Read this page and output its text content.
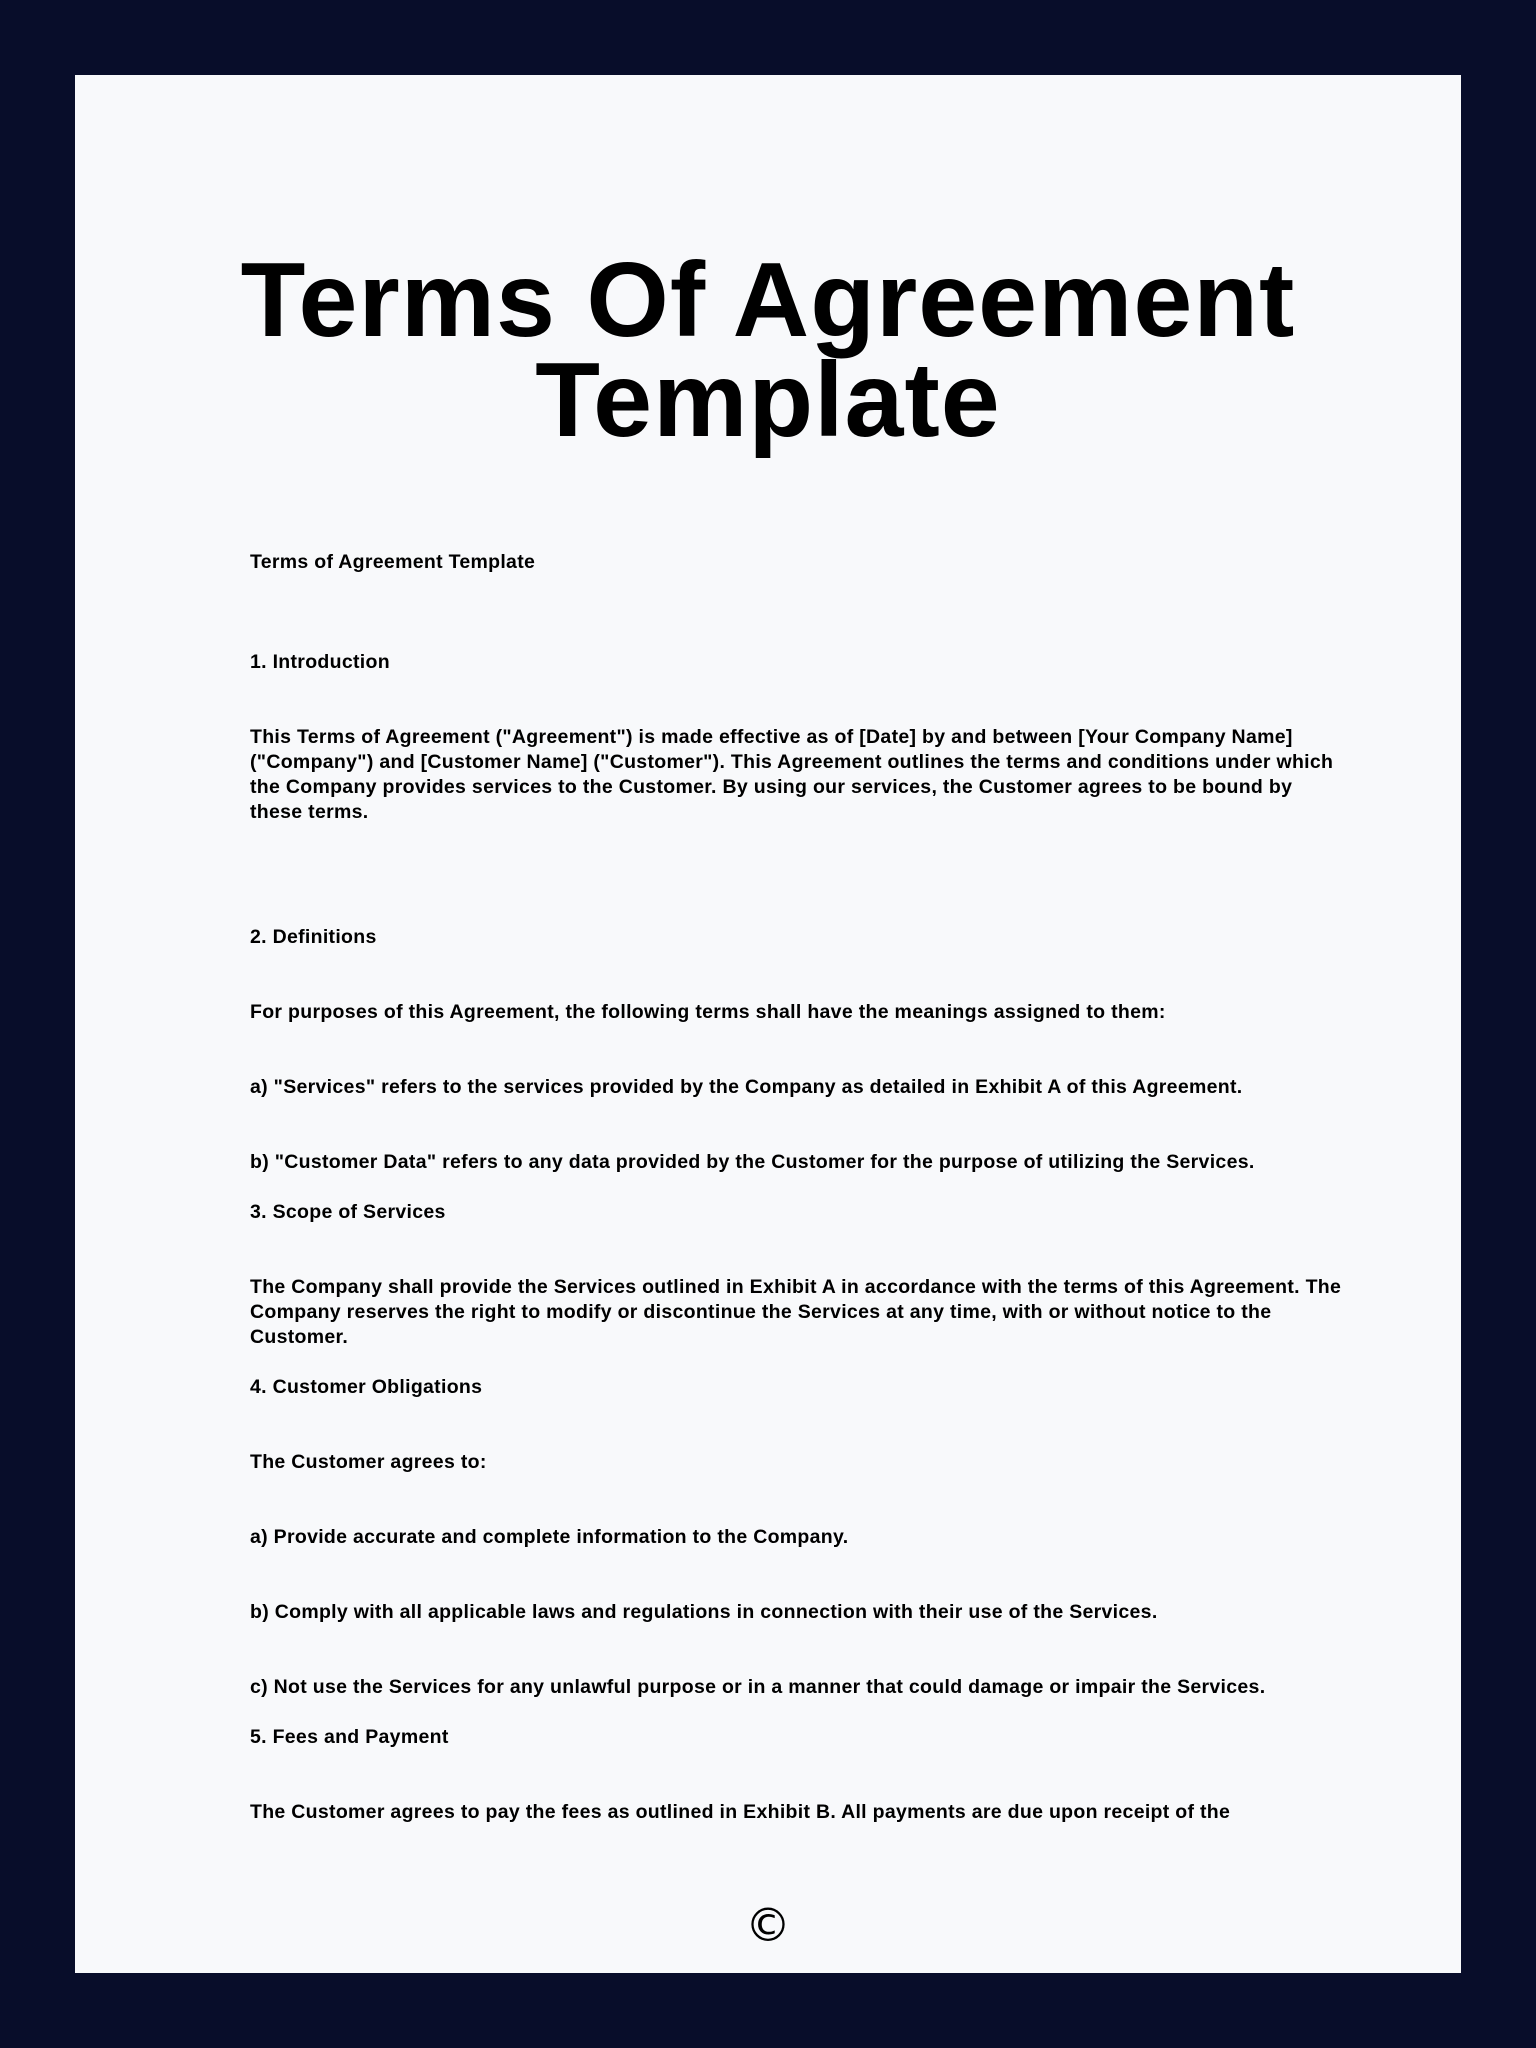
Terms Of Agreement Template

Terms of Agreement Template

1. Introduction

This Terms of Agreement ("Agreement") is made effective as of [Date] by and between [Your Company Name] ("Company") and [Customer Name] ("Customer"). This Agreement outlines the terms and conditions under which the Company provides services to the Customer. By using our services, the Customer agrees to be bound by these terms.

2. Definitions

For purposes of this Agreement, the following terms shall have the meanings assigned to them:

a) "Services" refers to the services provided by the Company as detailed in Exhibit A of this Agreement.

b) "Customer Data" refers to any data provided by the Customer for the purpose of utilizing the Services.

3. Scope of Services

The Company shall provide the Services outlined in Exhibit A in accordance with the terms of this Agreement. The Company reserves the right to modify or discontinue the Services at any time, with or without notice to the Customer.

4. Customer Obligations

The Customer agrees to:

a) Provide accurate and complete information to the Company.

b) Comply with all applicable laws and regulations in connection with their use of the Services.

c) Not use the Services for any unlawful purpose or in a manner that could damage or impair the Services.

5. Fees and Payment

The Customer agrees to pay the fees as outlined in Exhibit B. All payments are due upon receipt of the

©
